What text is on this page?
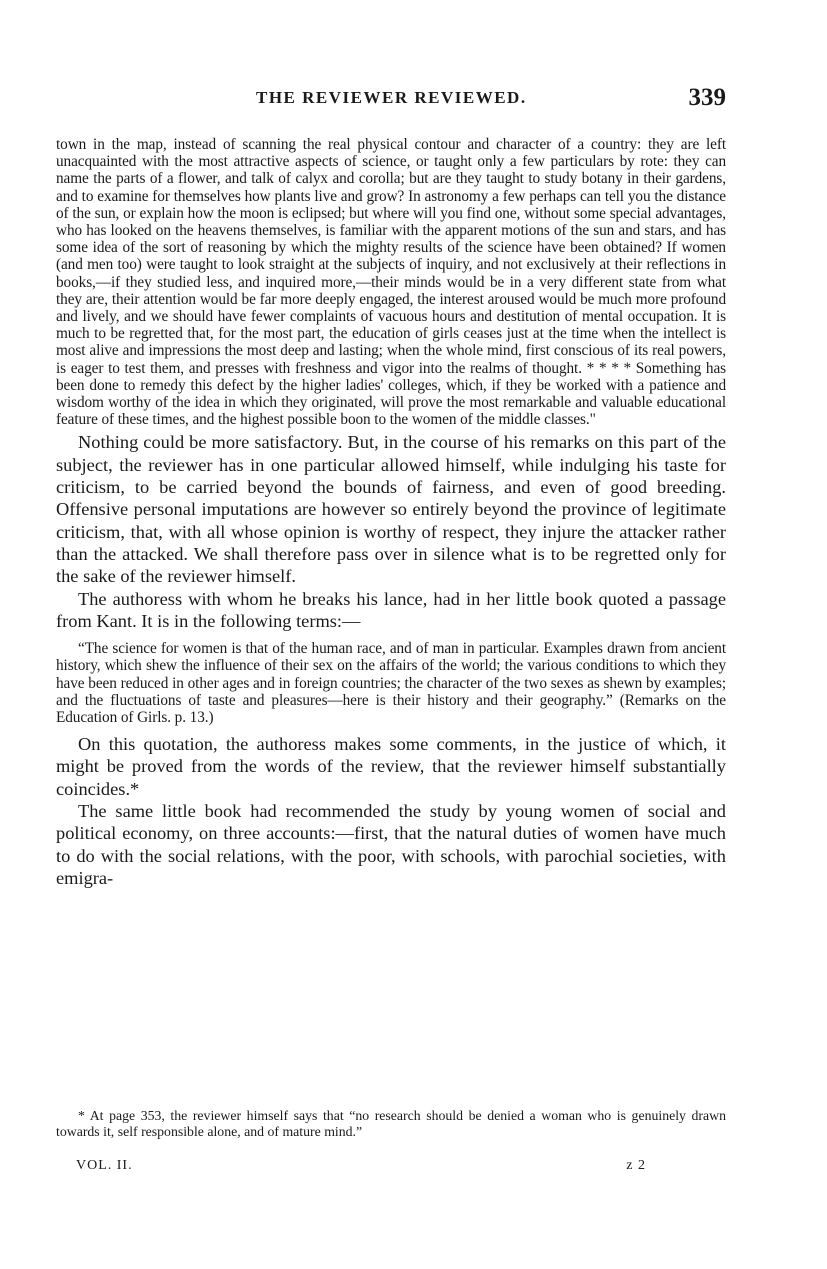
THE REVIEWER REVIEWED.	339

town in the map, instead of scanning the real physical contour and character of a country: they are left unacquainted with the most attractive aspects of science, or taught only a few particulars by rote: they can name the parts of a flower, and talk of calyx and corolla; but are they taught to study botany in their gardens, and to examine for themselves how plants live and grow? In astronomy a few perhaps can tell you the distance of the sun, or explain how the moon is eclipsed; but where will you find one, without some special advantages, who has looked on the heavens themselves, is familiar with the apparent motions of the sun and stars, and has some idea of the sort of reasoning by which the mighty results of the science have been obtained? If women (and men too) were taught to look straight at the subjects of inquiry, and not exclusively at their reflections in books,—if they studied less, and inquired more,—their minds would be in a very different state from what they are, their attention would be far more deeply engaged, the interest aroused would be much more profound and lively, and we should have fewer complaints of vacuous hours and destitution of mental occupation. It is much to be regretted that, for the most part, the education of girls ceases just at the time when the intellect is most alive and impressions the most deep and lasting; when the whole mind, first conscious of its real powers, is eager to test them, and presses with freshness and vigor into the realms of thought. * * * * Something has been done to remedy this defect by the higher ladies' colleges, which, if they be worked with a patience and wisdom worthy of the idea in which they originated, will prove the most remarkable and valuable educational feature of these times, and the highest possible boon to the women of the middle classes."

Nothing could be more satisfactory. But, in the course of his remarks on this part of the subject, the reviewer has in one particular allowed himself, while indulging his taste for criticism, to be carried beyond the bounds of fairness, and even of good breeding. Offensive personal imputations are however so entirely beyond the province of legitimate criticism, that, with all whose opinion is worthy of respect, they injure the attacker rather than the attacked. We shall therefore pass over in silence what is to be regretted only for the sake of the reviewer himself.

The authoress with whom he breaks his lance, had in her little book quoted a passage from Kant. It is in the following terms:—

“The science for women is that of the human race, and of man in particular. Examples drawn from ancient history, which shew the influence of their sex on the affairs of the world; the various conditions to which they have been reduced in other ages and in foreign countries; the character of the two sexes as shewn by examples; and the fluctuations of taste and pleasures—here is their history and their geography.” (Remarks on the Education of Girls. p. 13.)

On this quotation, the authoress makes some comments, in the justice of which, it might be proved from the words of the review, that the reviewer himself substantially coincides.*

The same little book had recommended the study by young women of social and political economy, on three accounts:—first, that the natural duties of women have much to do with the social relations, with the poor, with schools, with parochial societies, with emigra-

* At page 353, the reviewer himself says that “no research should be denied a woman who is genuinely drawn towards it, self responsible alone, and of mature mind.”

VOL. II.	z 2
